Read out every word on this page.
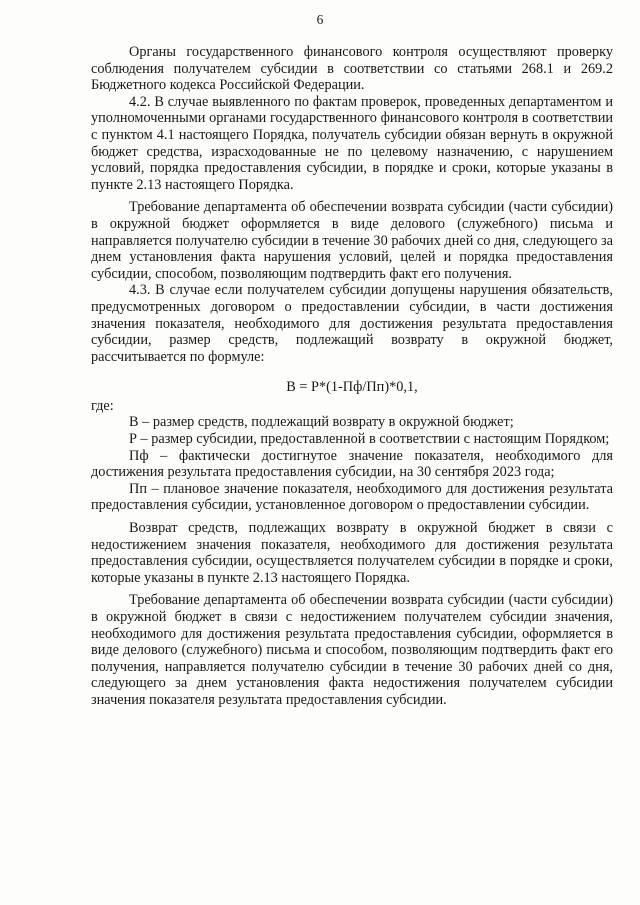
6

Органы государственного финансового контроля осуществляют проверку соблюдения получателем субсидии в соответствии со статьями 268.1 и 269.2 Бюджетного кодекса Российской Федерации.

4.2. В случае выявленного по фактам проверок, проведенных департаментом и уполномоченными органами государственного финансового контроля в соответствии с пунктом 4.1 настоящего Порядка, получатель субсидии обязан вернуть в окружной бюджет средства, израсходованные не по целевому назначению, с нарушением условий, порядка предоставления субсидии, в порядке и сроки, которые указаны в пункте 2.13 настоящего Порядка.

Требование департамента об обеспечении возврата субсидии (части субсидии) в окружной бюджет оформляется в виде делового (служебного) письма и направляется получателю субсидии в течение 30 рабочих дней со дня, следующего за днем установления факта нарушения условий, целей и порядка предоставления субсидии, способом, позволяющим подтвердить факт его получения.

4.3. В случае если получателем субсидии допущены нарушения обязательств, предусмотренных договором о предоставлении субсидии, в части достижения значения показателя, необходимого для достижения результата предоставления субсидии, размер средств, подлежащий возврату в окружной бюджет, рассчитывается по формуле:

В = Р*(1-Пф/Пп)*0,1,

где:

В – размер средств, подлежащий возврату в окружной бюджет;

Р – размер субсидии, предоставленной в соответствии с настоящим Порядком;

Пф – фактически достигнутое значение показателя, необходимого для достижения результата предоставления субсидии, на 30 сентября 2023 года;

Пп – плановое значение показателя, необходимого для достижения результата предоставления субсидии, установленное договором о предоставлении субсидии.

Возврат средств, подлежащих возврату в окружной бюджет в связи с недостижением значения показателя, необходимого для достижения результата предоставления субсидии, осуществляется получателем субсидии в порядке и сроки, которые указаны в пункте 2.13 настоящего Порядка.

Требование департамента об обеспечении возврата субсидии (части субсидии) в окружной бюджет в связи с недостижением получателем субсидии значения, необходимого для достижения результата предоставления субсидии, оформляется в виде делового (служебного) письма и способом, позволяющим подтвердить факт его получения, направляется получателю субсидии в течение 30 рабочих дней со дня, следующего за днем установления факта недостижения получателем субсидии значения показателя результата предоставления субсидии.
